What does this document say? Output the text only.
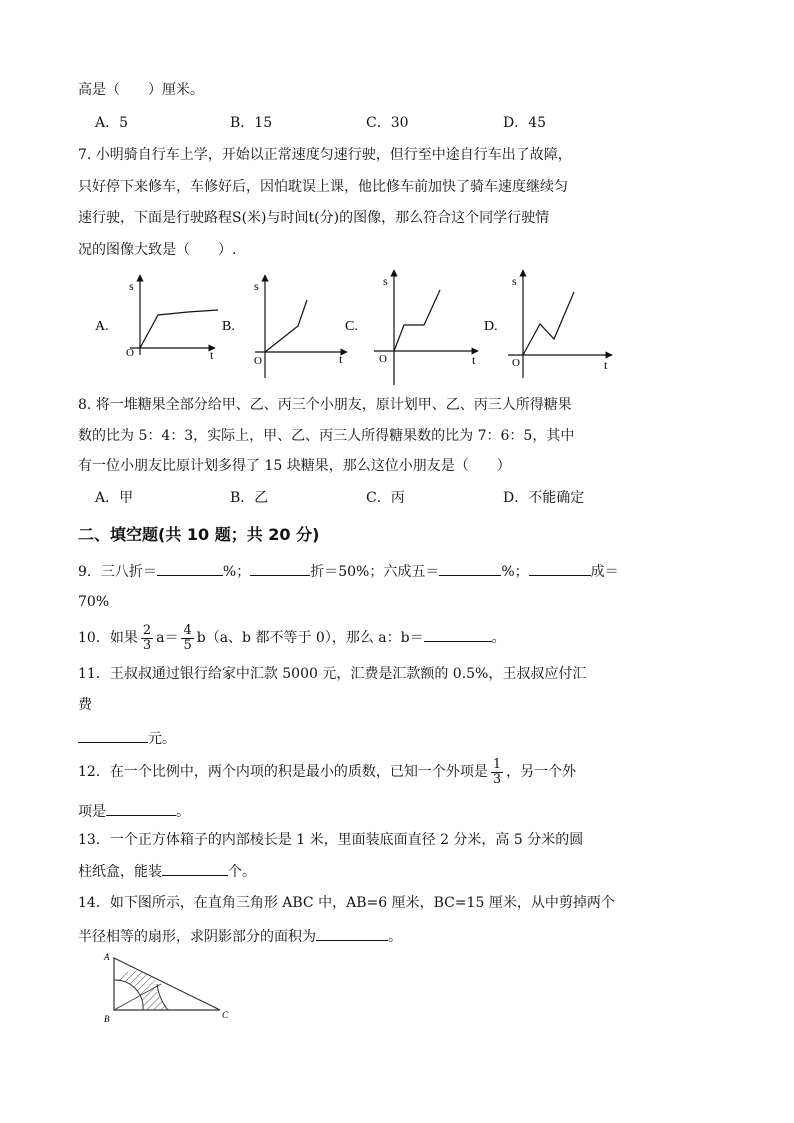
高是（　　）厘米。
A．5	B．15	C．30	D．45
7. 小明骑自行车上学，开始以正常速度匀速行驶，但行至中途自行车出了故障，
只好停下来修车，车修好后，因怕耽误上课，他比修车前加快了骑车速度继续匀
速行驶，下面是行驶路程S(米)与时间t(分)的图像，那么符合这个同学行驶情
况的图像大致是（　　）.
A.
s
t
O
B.
s
t
O
C.
s
t
O
D.
s
t
O
8. 将一堆糖果全部分给甲、乙、丙三个小朋友，原计划甲、乙、丙三人所得糖果
数的比为 5：4：3，实际上，甲、乙、丙三人所得糖果数的比为 7：6：5，其中
有一位小朋友比原计划多得了 15 块糖果，那么这位小朋友是（　　）
A．甲	B．乙	C．丙	D．不能确定
二、填空题(共 10 题；共 20 分)
9．三八折＝	%；	折＝50%；六成五＝	%；	成＝
70%
10．如果 $\frac{2}{3} a= \frac{4}{5} b(a$、b 都不等于 0），那么 a：b＝	。
11．王叔叔通过银行给家中汇款 5000 元，汇费是汇款额的 0.5%，王叔叔应付汇
费
元。
12．在一个比例中，两个内项的积是最小的质数，已知一个外项是 $\frac{1}{3}$ ，另一个外
项是	。
13．一个正方体箱子的内部棱长是 1 米，里面装底面直径 2 分米，高 5 分米的圆
柱纸盒，能装	个。
14．如下图所示，在直角三角形 ABC 中，AB=6 厘米，BC=15 厘米，从中剪掉两个
半径相等的扇形，求阴影部分的面积为	。
A
B	C
